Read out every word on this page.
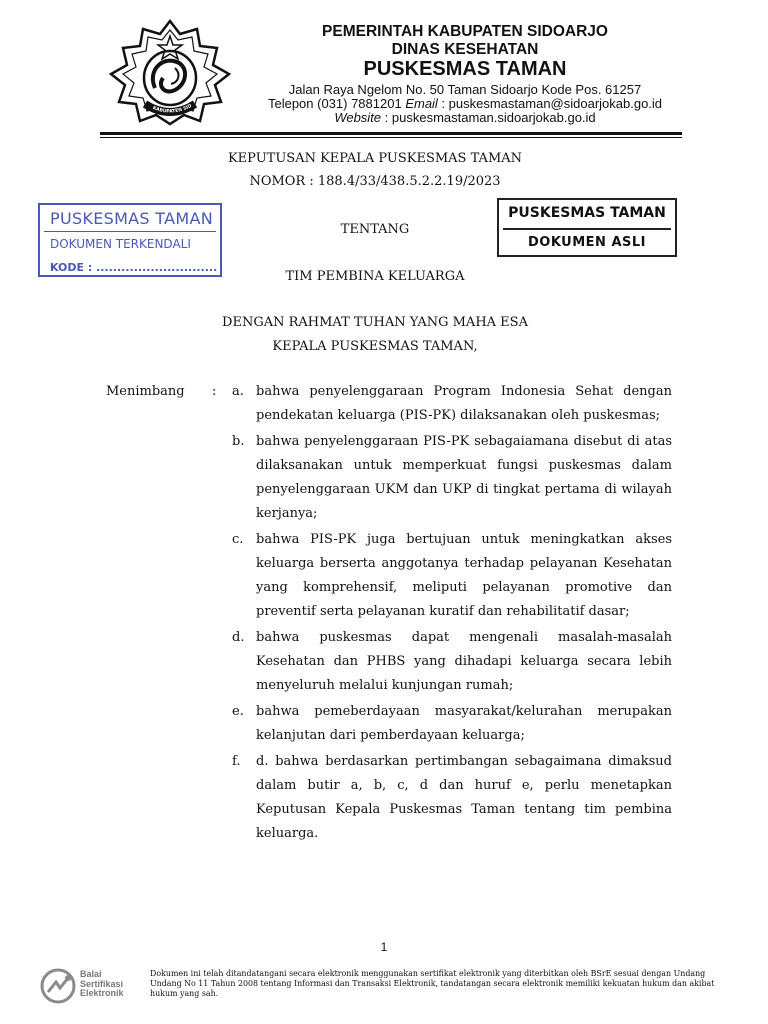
KABUPATEN SID
PEMERINTAH KABUPATEN SIDOARJO
DINAS KESEHATAN
PUSKESMAS TAMAN
Jalan Raya Ngelom No. 50 Taman Sidoarjo Kode Pos. 61257
Telepon (031) 7881201 Email : puskesmastaman@sidoarjokab.go.id
Website : puskesmastaman.sidoarjokab.go.id
KEPUTUSAN KEPALA PUSKESMAS TAMAN
NOMOR : 188.4/33/438.5.2.2.19/2023
TENTANG
TIM PEMBINA KELUARGA
DENGAN RAHMAT TUHAN YANG MAHA ESA
KEPALA PUSKESMAS TAMAN,
PUSKESMAS TAMAN
DOKUMEN TERKENDALI
KODE : .............................
PUSKESMAS TAMAN
DOKUMEN ASLI
Menimbang : a. bahwa penyelenggaraan Program Indonesia Sehat dengan pendekatan keluarga (PIS-PK) dilaksanakan oleh puskesmas;
b. bahwa penyelenggaraan PIS-PK sebagaiamana disebut di atas dilaksanakan untuk memperkuat fungsi puskesmas dalam penyelenggaraan UKM dan UKP di tingkat pertama di wilayah kerjanya;
c. bahwa PIS-PK juga bertujuan untuk meningkatkan akses keluarga berserta anggotanya terhadap pelayanan Kesehatan yang komprehensif, meliputi pelayanan promotive dan preventif serta pelayanan kuratif dan rehabilitatif dasar;
d. bahwa puskesmas dapat mengenali masalah-masalah Kesehatan dan PHBS yang dihadapi keluarga secara lebih menyeluruh melalui kunjungan rumah;
e. bahwa pemeberdayaan masyarakat/kelurahan merupakan kelanjutan dari pemberdayaan keluarga;
f.	d. bahwa berdasarkan pertimbangan sebagaimana dimaksud dalam butir a, b, c, d dan huruf e, perlu menetapkan Keputusan Kepala Puskesmas Taman tentang tim pembina keluarga.
1
Balai
Sertifikasi
Elektronik
Dokumen ini telah ditandatangani secara elektronik menggunakan sertifikat elektronik yang diterbitkan oleh BSrE sesuai dengan Undang Undang No 11 Tahun 2008 tentang Informasi dan Transaksi Elektronik, tandatangan secara elektronik memiliki kekuatan hukum dan akibat hukum yang sah.
